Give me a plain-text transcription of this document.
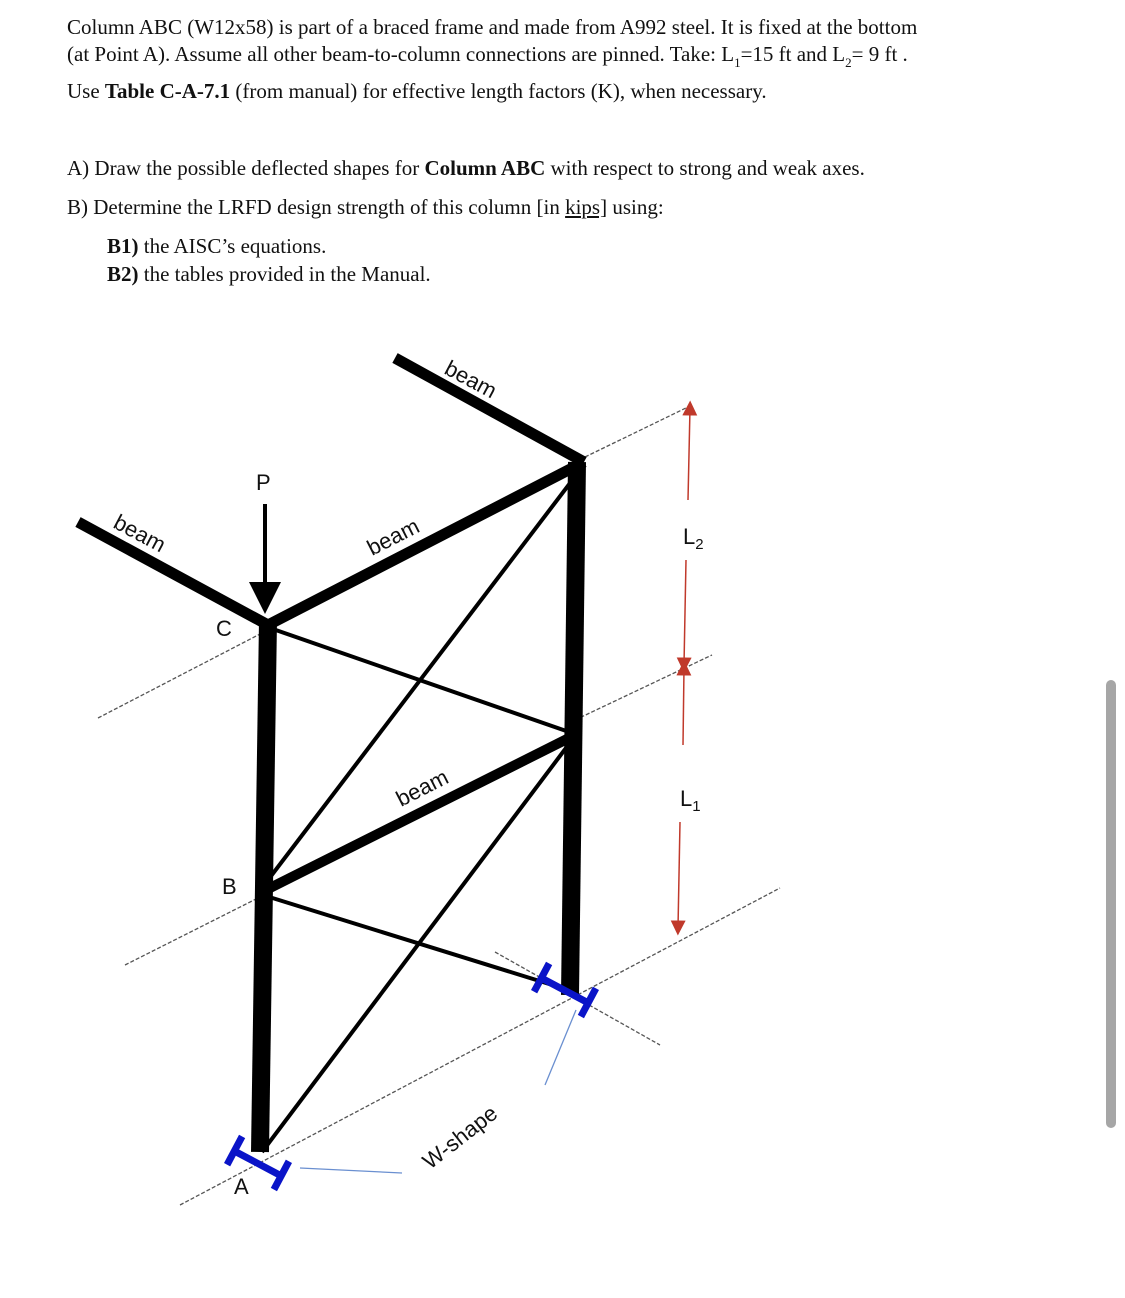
Column ABC (W12x58) is part of a braced frame and made from A992 steel. It is fixed at the bottom
(at Point A). Assume all other beam-to-column connections are pinned. Take: $L_1=15$ ft and $L_2= 9$ ft .
Use Table C-A-7.1 (from manual) for effective length factors (K), when necessary.
A) Draw the possible deflected shapes for Column ABC with respect to strong and weak axes.
B) Determine the LRFD design strength of this column [in kips] using:
B1) the AISC’s equations.
B2) the tables provided in the Manual.
beam
beam	beam
beam
P
C
B
A
$L_2$
$L_1$
W-shape
